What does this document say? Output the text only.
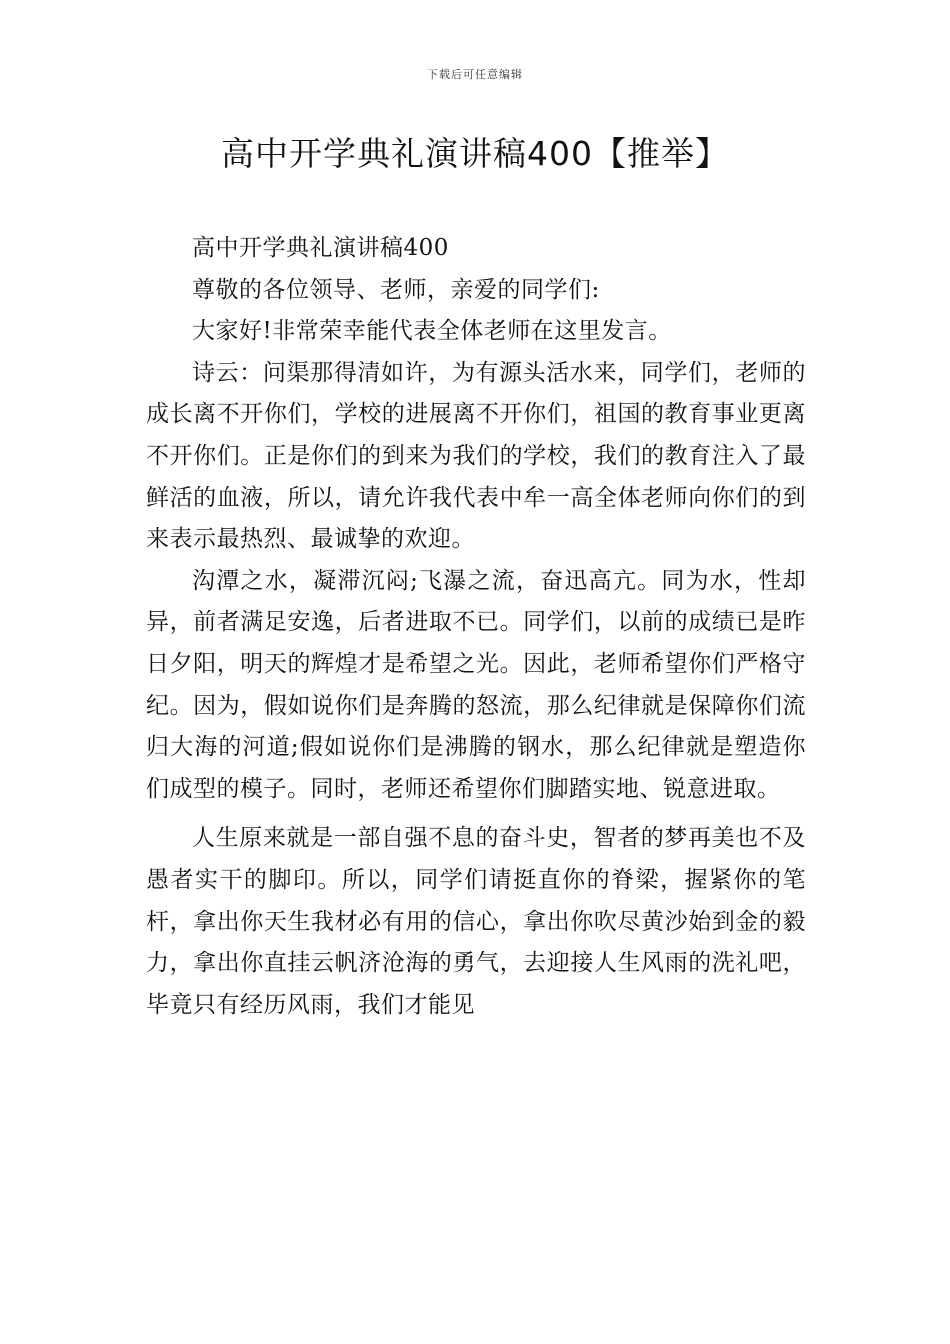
下载后可任意编辑
高中开学典礼演讲稿400【推举】

高中开学典礼演讲稿400

尊敬的各位领导、老师，亲爱的同学们:

大家好!非常荣幸能代表全体老师在这里发言。

诗云：问渠那得清如许，为有源头活水来，同学们，老师的成长离不开你们，学校的进展离不开你们，祖国的教育事业更离不开你们。正是你们的到来为我们的学校，我们的教育注入了最鲜活的血液，所以，请允许我代表中牟一高全体老师向你们的到来表示最热烈、最诚挚的欢迎。

沟潭之水，凝滞沉闷;飞瀑之流，奋迅高亢。同为水，性却异，前者满足安逸，后者进取不已。同学们，以前的成绩已是昨日夕阳，明天的辉煌才是希望之光。因此，老师希望你们严格守纪。因为，假如说你们是奔腾的怒流，那么纪律就是保障你们流归大海的河道;假如说你们是沸腾的钢水，那么纪律就是塑造你们成型的模子。同时，老师还希望你们脚踏实地、锐意进取。

人生原来就是一部自强不息的奋斗史，智者的梦再美也不及愚者实干的脚印。所以，同学们请挺直你的脊梁，握紧你的笔杆，拿出你天生我材必有用的信心，拿出你吹尽黄沙始到金的毅力，拿出你直挂云帆济沧海的勇气，去迎接人生风雨的洗礼吧，毕竟只有经历风雨，我们才能见
